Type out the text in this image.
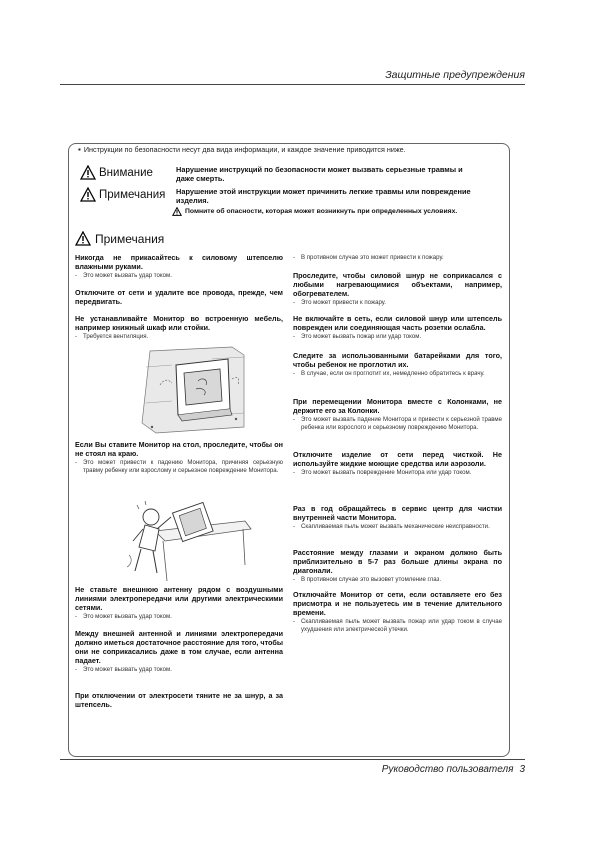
Защитные предупреждения
▪ Инструкции по безопасности несут два вида информации, и каждое значение приводится ниже.
Внимание	Нарушение инструкций по безопасности может вызвать серьезные травмы и даже смерть.
Примечания Нарушение этой инструкции может причинить легкие травмы или повреждение изделия.
Помните об опасности, которая может возникнуть при определенных условиях.
Примечания
Никогда не прикасайтесь к силовому штепселю влажными руками.
- Это может вызвать удар током.
Отключите от сети и удалите все провода, прежде, чем передвигать.
Не устанавливайте Монитор во встроенную мебель, например книжный шкаф или стойки.
- Требуется вентиляция.
Если Вы ставите Монитор на стол, проследите, чтобы он не стоял на краю.
- Это может привести к падению Монитора, причиняя серьезную травму ребенку или взрослому и серьезное повреждение Монитора.
Не ставьте внешнюю антенну рядом с воздушными линиями электропередачи или другими электрическими сетями.
- Это может вызвать удар током.
Между внешней антенной и линиями электропередачи должно иметься достаточное расстояние для того, чтобы они не соприкасались даже в том случае, если антенна падает.
- Это может вызвать удар током.
При отключении от электросети тяните не за шнур, а за штепсель.
- В противном случае это может привести к пожару.
Проследите, чтобы силовой шнур не соприкасался с любыми нагревающимися объектами, например, обогревателем.
- Это может привести к пожару.
Не включайте в сеть, если силовой шнур или штепсель поврежден или соединяющая часть розетки ослабла.
- Это может вызвать пожар или удар током.
Следите за использованными батарейками для того, чтобы ребенок не проглотил их.
- В случае, если он проглотит их, немедленно обратитесь к врачу.
При перемещении Монитора вместе с Колонками, не держите его за Колонки.
- Это может вызвать падение Монитора и привести к серьезной травме ребенка или взрослого и серьезному повреждению Монитора.
Отключите изделие от сети перед чисткой. Не используйте жидкие моющие средства или аэрозоли.
- Это может вызвать повреждение Монитора или удар током.
Раз в год обращайтесь в сервис центр для чистки внутренней части Монитора.
- Скапливаемая пыль может вызвать механические неисправности.
Расстояние между глазами и экраном должно быть приблизительно в 5-7 раз больше длины экрана по диагонали.
- В противном случае это вызовет утомление глаз.
Отключайте Монитор от сети, если оставляете его без присмотра и не пользуетесь им в течение длительного времени.
- Скапливаемая пыль может вызвать пожар или удар током в случае ухудшения или электрической утечки.
Руководство пользователя 3
